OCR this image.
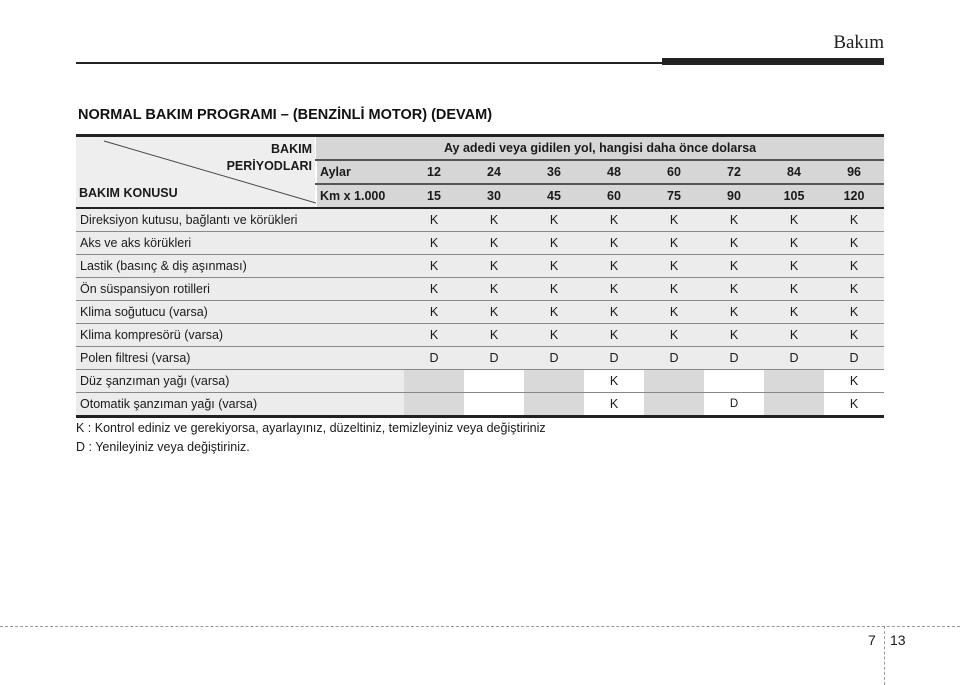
Bakım
NORMAL BAKIM PROGRAMI – (BENZİNLİ MOTOR) (DEVAM)
BAKIM
PERİYODLARI
BAKIM KONUSU	Ay adedi veya gidilen yol, hangisi daha önce dolarsa								
	Aylar	12	24	36	48	60	72	84	96
	Km x 1.000	15	30	45	60	75	90	105	120
Direksiyon kutusu, bağlantı ve körükleri		K	K	K	K	K	K	K	K
Aks ve aks körükleri		K	K	K	K	K	K	K	K
Lastik (basınç & diş aşınması)		K	K	K	K	K	K	K	K
Ön süspansiyon rotilleri		K	K	K	K	K	K	K	K
Klima soğutucu (varsa)		K	K	K	K	K	K	K	K
Klima kompresörü (varsa)		K	K	K	K	K	K	K	K
Polen filtresi (varsa)		D	D	D	D	D	D	D	D
Düz şanzıman yağı (varsa)					K				K
Otomatik şanzıman yağı (varsa)					K		D		K
K : Kontrol ediniz ve gerekiyorsa, ayarlayınız, düzeltiniz, temizleyiniz veya değiştiriniz
D : Yenileyiniz veya değiştiriniz.
7 13
